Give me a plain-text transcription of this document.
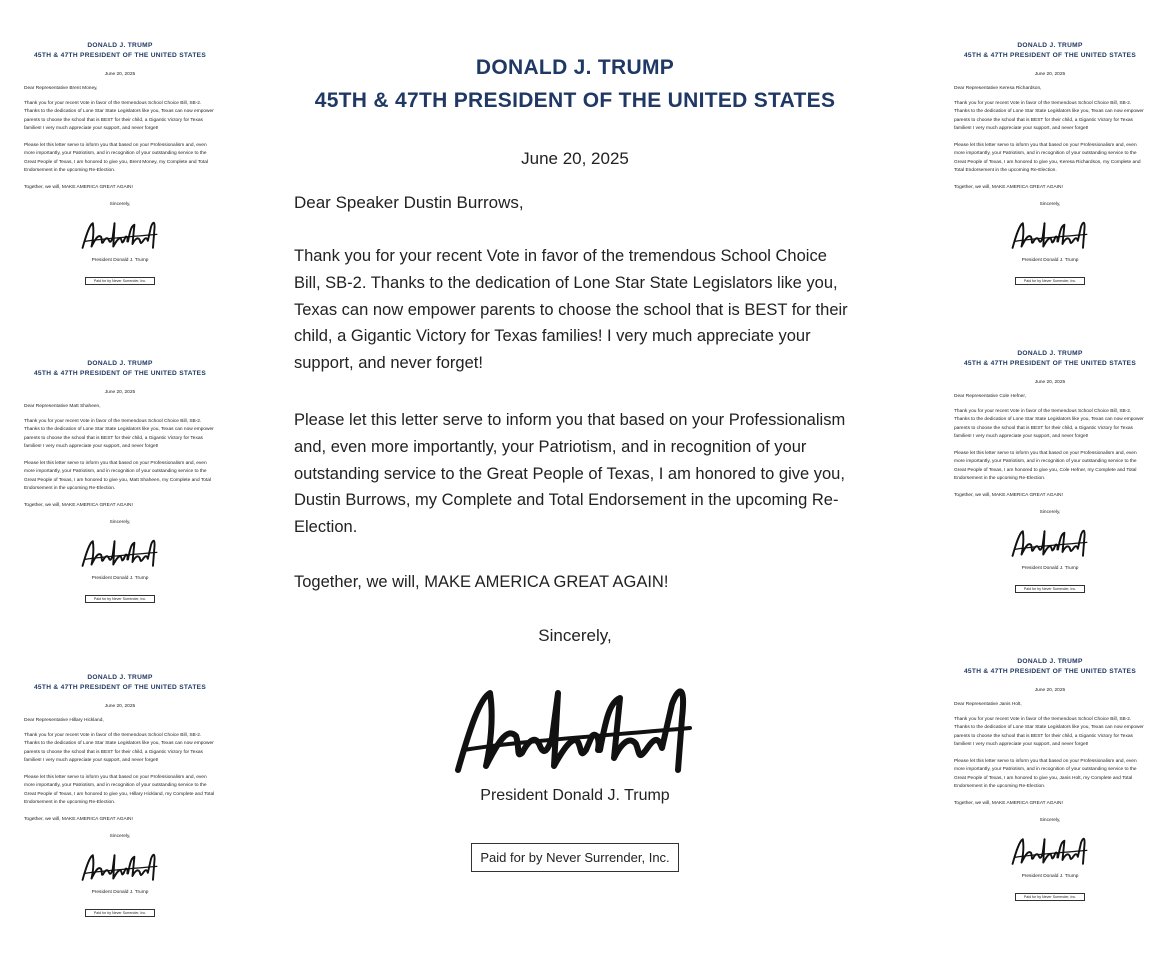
DONALD J. TRUMP
45TH & 47TH PRESIDENT OF THE UNITED STATES
June 20, 2025
Dear Representative Brent Money,

Thank you for your recent Vote in favor of the tremendous School Choice Bill, SB-2. Thanks to the dedication of Lone Star State Legislators like you, Texas can now empower parents to choose the school that is BEST for their child, a Gigantic Victory for Texas families! I very much appreciate your support, and never forget!

Please let this letter serve to inform you that based on your Professionalism and, even more importantly, your Patriotism, and in recognition of your outstanding service to the Great People of Texas, I am honored to give you, Brent Money, my Complete and Total Endorsement in the upcoming Re-Election.

Together, we will, MAKE AMERICA GREAT AGAIN!

Sincerely,
President Donald J. Trump
Paid for by Never Surrender, Inc.
DONALD J. TRUMP
45TH & 47TH PRESIDENT OF THE UNITED STATES
June 20, 2025
Dear Representative Matt Shaheen,

Thank you for your recent Vote in favor of the tremendous School Choice Bill, SB-2. Thanks to the dedication of Lone Star State Legislators like you, Texas can now empower parents to choose the school that is BEST for their child, a Gigantic Victory for Texas families! I very much appreciate your support, and never forget!

Please let this letter serve to inform you that based on your Professionalism and, even more importantly, your Patriotism, and in recognition of your outstanding service to the Great People of Texas, I am honored to give you, Matt Shaheen, my Complete and Total Endorsement in the upcoming Re-Election.

Together, we will, MAKE AMERICA GREAT AGAIN!

Sincerely,
President Donald J. Trump
Paid for by Never Surrender, Inc.
DONALD J. TRUMP
45TH & 47TH PRESIDENT OF THE UNITED STATES
June 20, 2025
Dear Representative Hillary Hickland,

Thank you for your recent Vote in favor of the tremendous School Choice Bill, SB-2. Thanks to the dedication of Lone Star State Legislators like you, Texas can now empower parents to choose the school that is BEST for their child, a Gigantic Victory for Texas families! I very much appreciate your support, and never forget!

Please let this letter serve to inform you that based on your Professionalism and, even more importantly, your Patriotism, and in recognition of your outstanding service to the Great People of Texas, I am honored to give you, Hillary Hickland, my Complete and Total Endorsement in the upcoming Re-Election.

Together, we will, MAKE AMERICA GREAT AGAIN!

Sincerely,
President Donald J. Trump
Paid for by Never Surrender, Inc.
DONALD J. TRUMP
45TH & 47TH PRESIDENT OF THE UNITED STATES
June 20, 2025
Dear Speaker Dustin Burrows,

Thank you for your recent Vote in favor of the tremendous School Choice Bill, SB-2. Thanks to the dedication of Lone Star State Legislators like you, Texas can now empower parents to choose the school that is BEST for their child, a Gigantic Victory for Texas families! I very much appreciate your support, and never forget!

Please let this letter serve to inform you that based on your Professionalism and, even more importantly, your Patriotism, and in recognition of your outstanding service to the Great People of Texas, I am honored to give you, Dustin Burrows, my Complete and Total Endorsement in the upcoming Re-Election.

Together, we will, MAKE AMERICA GREAT AGAIN!

Sincerely,
President Donald J. Trump
Paid for by Never Surrender, Inc.
DONALD J. TRUMP
45TH & 47TH PRESIDENT OF THE UNITED STATES
June 20, 2025
Dear Representative Keresa Richardson,

Thank you for your recent Vote in favor of the tremendous School Choice Bill, SB-2. Thanks to the dedication of Lone Star State Legislators like you, Texas can now empower parents to choose the school that is BEST for their child, a Gigantic Victory for Texas families! I very much appreciate your support, and never forget!

Please let this letter serve to inform you that based on your Professionalism and, even more importantly, your Patriotism, and in recognition of your outstanding service to the Great People of Texas, I am honored to give you, Keresa Richardson, my Complete and Total Endorsement in the upcoming Re-Election.

Together, we will, MAKE AMERICA GREAT AGAIN!

Sincerely,
President Donald J. Trump
Paid for by Never Surrender, Inc.
DONALD J. TRUMP
45TH & 47TH PRESIDENT OF THE UNITED STATES
June 20, 2025
Dear Representative Cole Hefner,

Thank you for your recent Vote in favor of the tremendous School Choice Bill, SB-2. Thanks to the dedication of Lone Star State Legislators like you, Texas can now empower parents to choose the school that is BEST for their child, a Gigantic Victory for Texas families! I very much appreciate your support, and never forget!

Please let this letter serve to inform you that based on your Professionalism and, even more importantly, your Patriotism, and in recognition of your outstanding service to the Great People of Texas, I am honored to give you, Cole Hefner, my Complete and Total Endorsement in the upcoming Re-Election.

Together, we will, MAKE AMERICA GREAT AGAIN!

Sincerely,
President Donald J. Trump
Paid for by Never Surrender, Inc.
DONALD J. TRUMP
45TH & 47TH PRESIDENT OF THE UNITED STATES
June 20, 2025
Dear Representative Janis Holt,

Thank you for your recent Vote in favor of the tremendous School Choice Bill, SB-2. Thanks to the dedication of Lone Star State Legislators like you, Texas can now empower parents to choose the school that is BEST for their child, a Gigantic Victory for Texas families! I very much appreciate your support, and never forget!

Please let this letter serve to inform you that based on your Professionalism and, even more importantly, your Patriotism, and in recognition of your outstanding service to the Great People of Texas, I am honored to give you, Janis Holt, my Complete and Total Endorsement in the upcoming Re-Election.

Together, we will, MAKE AMERICA GREAT AGAIN!

Sincerely,
President Donald J. Trump
Paid for by Never Surrender, Inc.
